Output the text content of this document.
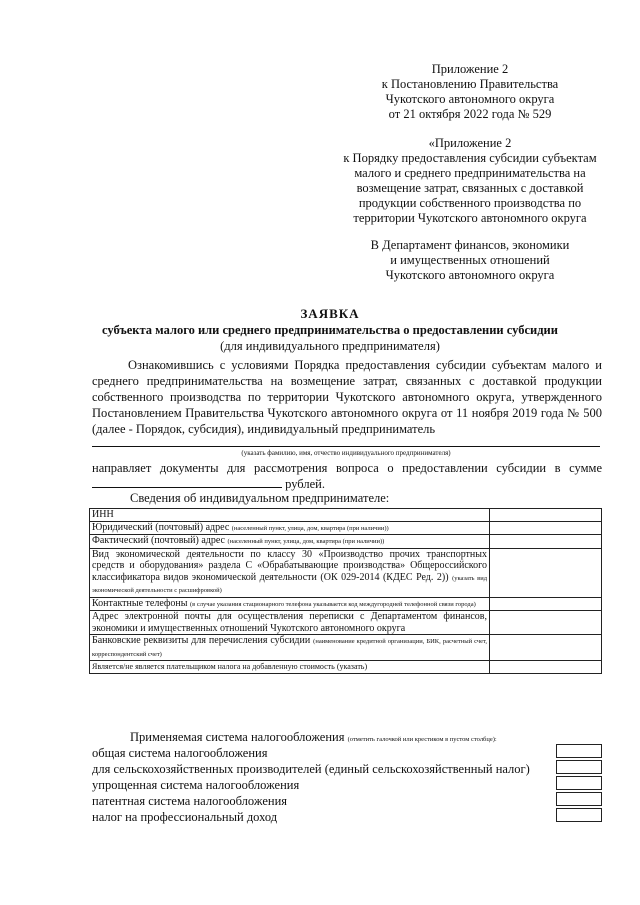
Приложение 2
к Постановлению Правительства
Чукотского автономного округа
от 21 октября 2022 года № 529
«Приложение 2
к Порядку предоставления субсидии субъектам
малого и среднего предпринимательства на
возмещение затрат, связанных с доставкой
продукции собственного производства по
территории Чукотского автономного округа
В Департамент финансов, экономики
и имущественных отношений
Чукотского автономного округа
ЗАЯВКА
субъекта малого или среднего предпринимательства о предоставлении субсидии
(для индивидуального предпринимателя)
Ознакомившись с условиями Порядка предоставления субсидии субъектам малого и среднего предпринимательства на возмещение затрат, связанных с доставкой продукции собственного производства по территории Чукотского автономного округа, утвержденного Постановлением Правительства Чукотского автономного округа от 11 ноября 2019 года № 500 (далее - Порядок, субсидия), индивидуальный предприниматель
(указать фамилию, имя, отчество индивидуального предпринимателя)
направляет документы для рассмотрения вопроса о предоставлении субсидии в сумме  рублей.
Сведения об индивидуальном предпринимателе:
ИНН	
Юридический (почтовый) адрес (населенный пункт, улица, дом, квартира (при наличии))	
Фактический (почтовый) адрес (населенный пункт, улица, дом, квартира (при наличии))	
Вид экономической деятельности по классу 30 «Производство прочих транспортных средств и оборудования» раздела С «Обрабатывающие производства» Общероссийского классификатора видов экономической деятельности (ОК 029-2014 (КДЕС Ред. 2)) (указать вид экономической деятельности с расшифровкой)	
Контактные телефоны (в случае указания стационарного телефона указывается код междугородней телефонной связи города)	
Адрес электронной почты для осуществления переписки с Департаментом финансов, экономики и имущественных отношений Чукотского автономного округа	
Банковские реквизиты для перечисления субсидии (наименование кредитной организации, БИК, расчетный счет, корреспондентский счет)	
Является/не является плательщиком налога на добавленную стоимость (указать)	
Применяемая система налогообложения (отметить галочкой или крестиком в пустом столбце):
общая система налогообложения
для сельскохозяйственных производителей (единый сельскохозяйственный налог)
упрощенная система налогообложения
патентная система налогообложения
налог на профессиональный доход
